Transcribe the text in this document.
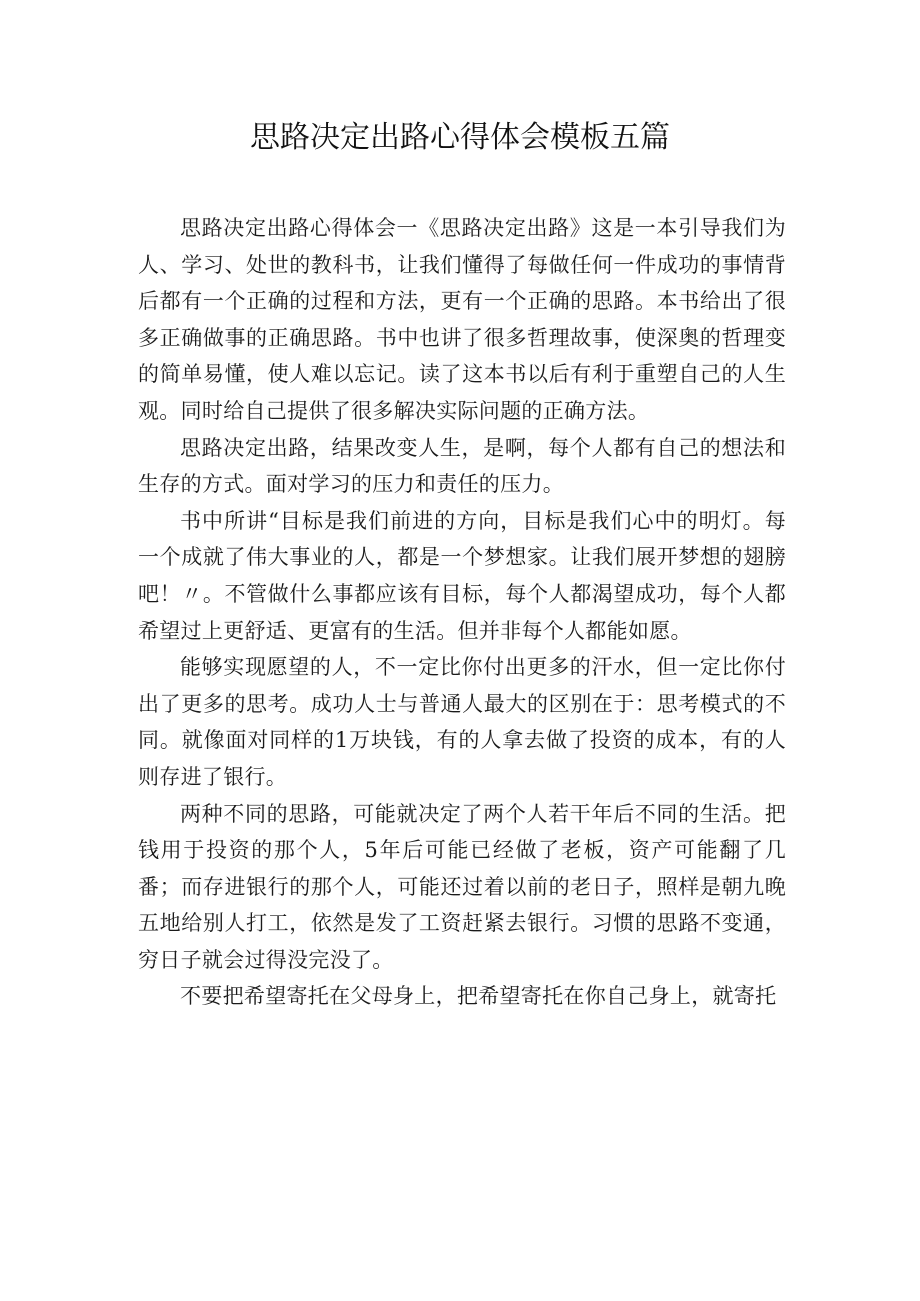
思路决定出路心得体会模板五篇

思路决定出路心得体会一《思路决定出路》这是一本引导我们为人、学习、处世的教科书，让我们懂得了每做任何一件成功的事情背后都有一个正确的过程和方法，更有一个正确的思路。本书给出了很多正确做事的正确思路。书中也讲了很多哲理故事，使深奥的哲理变的简单易懂，使人难以忘记。读了这本书以后有利于重塑自己的人生观。同时给自己提供了很多解决实际问题的正确方法。

思路决定出路，结果改变人生，是啊，每个人都有自己的想法和生存的方式。面对学习的压力和责任的压力。

书中所讲“目标是我们前进的方向，目标是我们心中的明灯。每一个成就了伟大事业的人，都是一个梦想家。让我们展开梦想的翅膀吧！〃。不管做什么事都应该有目标，每个人都渴望成功，每个人都希望过上更舒适、更富有的生活。但并非每个人都能如愿。

能够实现愿望的人，不一定比你付出更多的汗水，但一定比你付出了更多的思考。成功人士与普通人最大的区别在于：思考模式的不同。就像面对同样的1万块钱，有的人拿去做了投资的成本，有的人则存进了银行。

两种不同的思路，可能就决定了两个人若干年后不同的生活。把钱用于投资的那个人，5年后可能已经做了老板，资产可能翻了几番；而存进银行的那个人，可能还过着以前的老日子，照样是朝九晚五地给别人打工，依然是发了工资赶紧去银行。习惯的思路不变通，穷日子就会过得没完没了。

不要把希望寄托在父母身上，把希望寄托在你自己身上，就寄托
